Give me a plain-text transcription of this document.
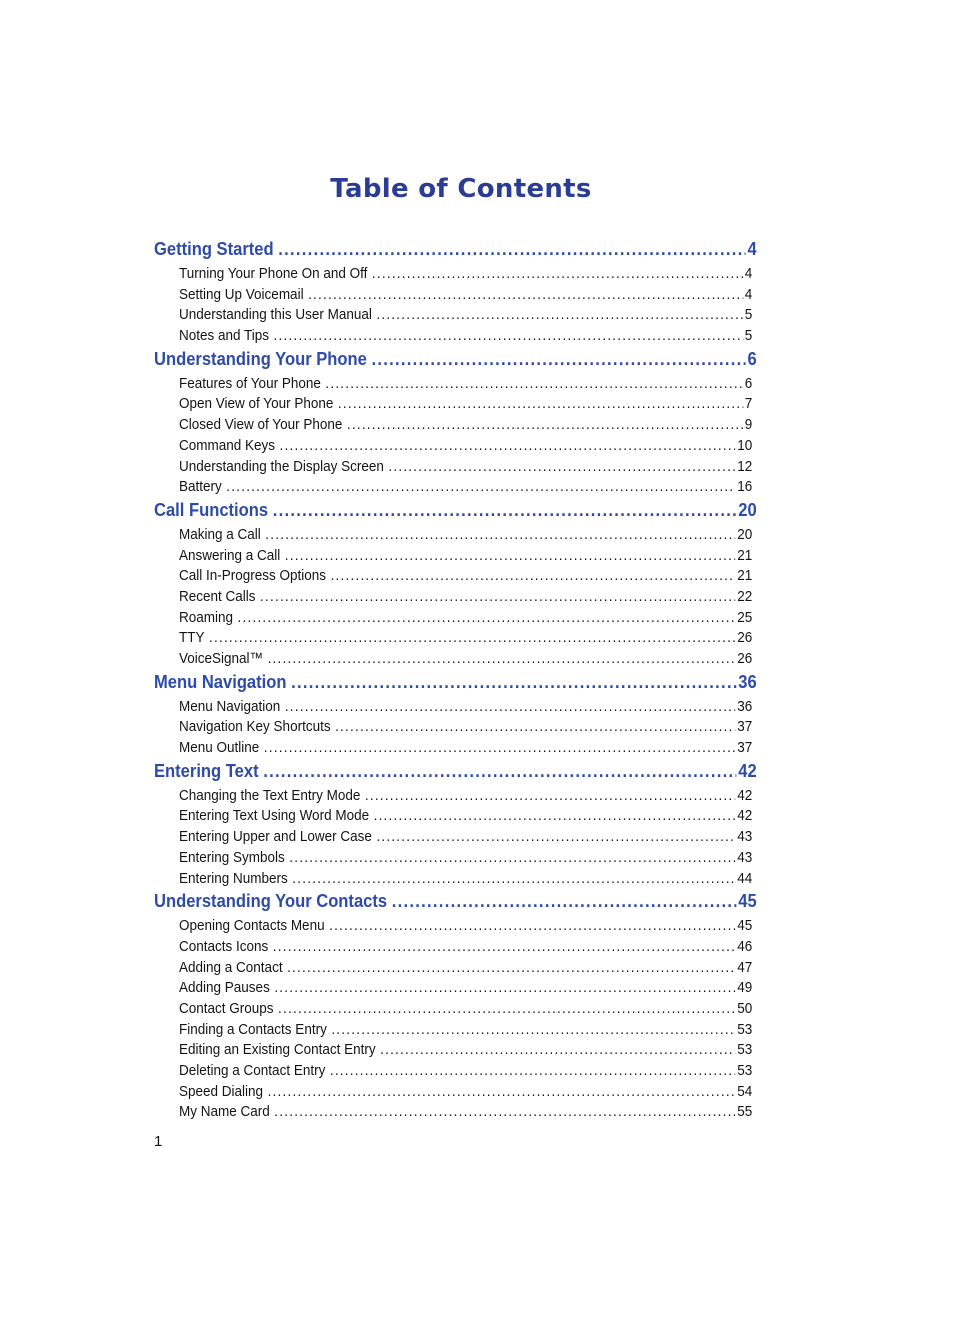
Table of Contents
Getting Started . . .	4
Turning Your Phone On and Off . . .	4
Setting Up Voicemail . . .	4
Understanding this User Manual . . .	5
Notes and Tips . . .	5
Understanding Your Phone . . .	6
Features of Your Phone . . .	6
Open View of Your Phone . . .	7
Closed View of Your Phone . . .	9
Command Keys . . .	10
Understanding the Display Screen . . .	12
Battery . . .	16
Call Functions . . .	20
Making a Call . . .	20
Answering a Call . . .	21
Call In-Progress Options . . .	21
Recent Calls . . .	22
Roaming . . .	25
TTY . . .	26
VoiceSignal™ . . .	26
Menu Navigation . . .	36
Menu Navigation . . .	36
Navigation Key Shortcuts . . .	37
Menu Outline . . .	37
Entering Text . . .	42
Changing the Text Entry Mode . . .	42
Entering Text Using Word Mode . . .	42
Entering Upper and Lower Case . . .	43
Entering Symbols . . .	43
Entering Numbers . . .	44
Understanding Your Contacts . . .	45
Opening Contacts Menu . . .	45
Contacts Icons . . .	46
Adding a Contact . . .	47
Adding Pauses . . .	49
Contact Groups . . .	50
Finding a Contacts Entry . . .	53
Editing an Existing Contact Entry . . .	53
Deleting a Contact Entry . . .	53
Speed Dialing . . .	54
My Name Card . . .	55
1
